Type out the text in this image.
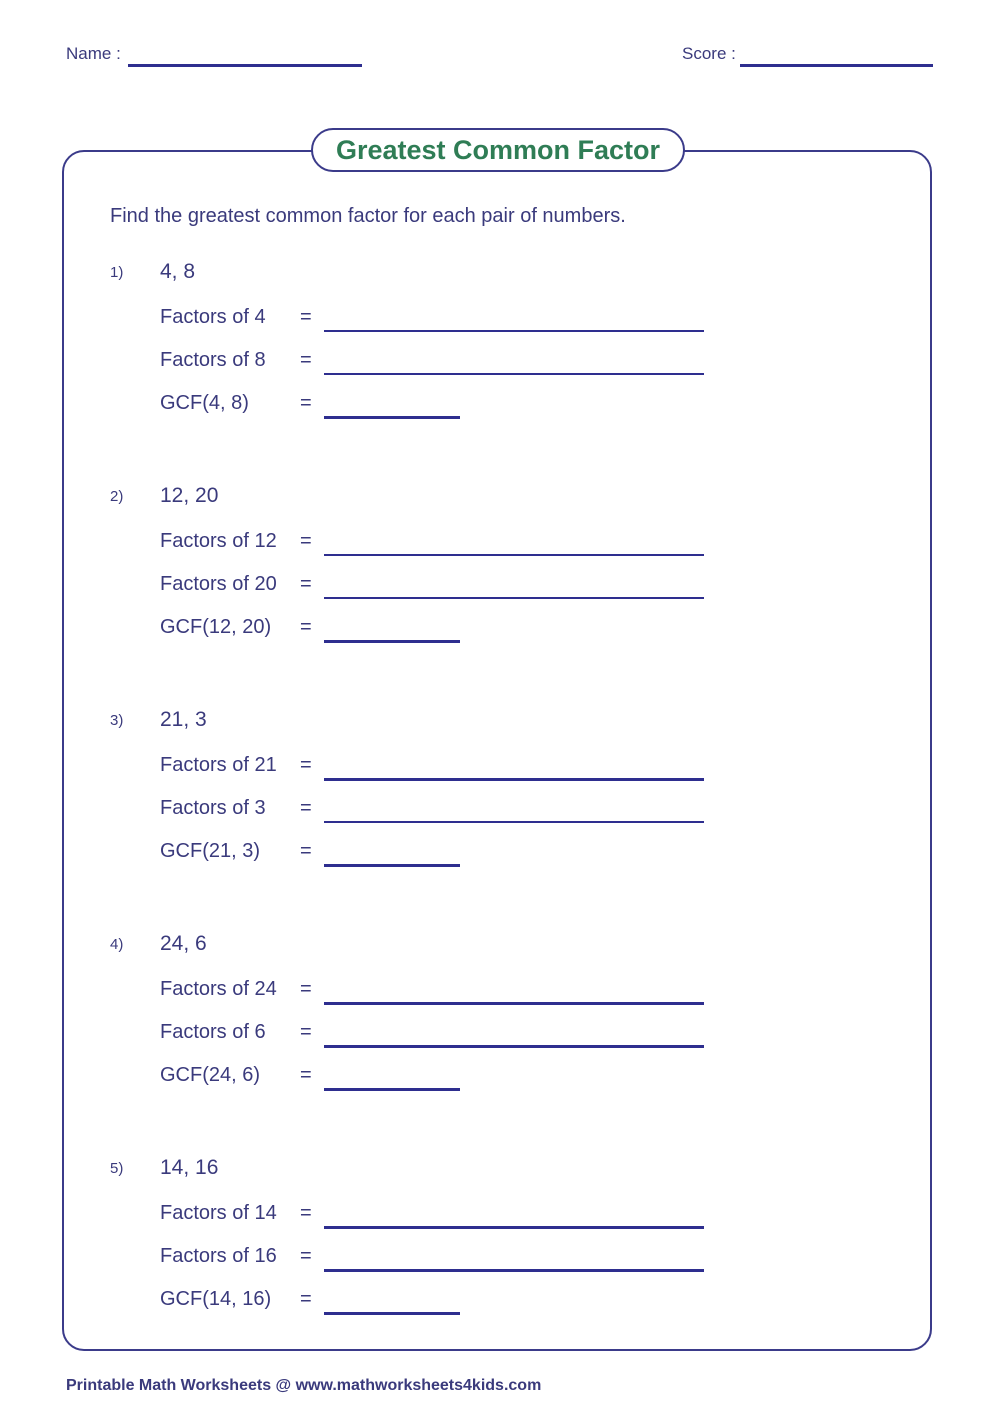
Name :	Score :
Greatest Common Factor
Find the greatest common factor for each pair of numbers.
1) 4, 8
Factors of 4 =
Factors of 8 =
GCF(4, 8)	=
2) 12, 20
Factors of 12 =
Factors of 20 =
GCF(12, 20) =
3) 21, 3
Factors of 21 =
Factors of 3 =
GCF(21, 3) =
4) 24, 6
Factors of 24 =
Factors of 6 =
GCF(24, 6) =
5) 14, 16
Factors of 14 =
Factors of 16 =
GCF(14, 16) =
Printable Math Worksheets @ www.mathworksheets4kids.com
